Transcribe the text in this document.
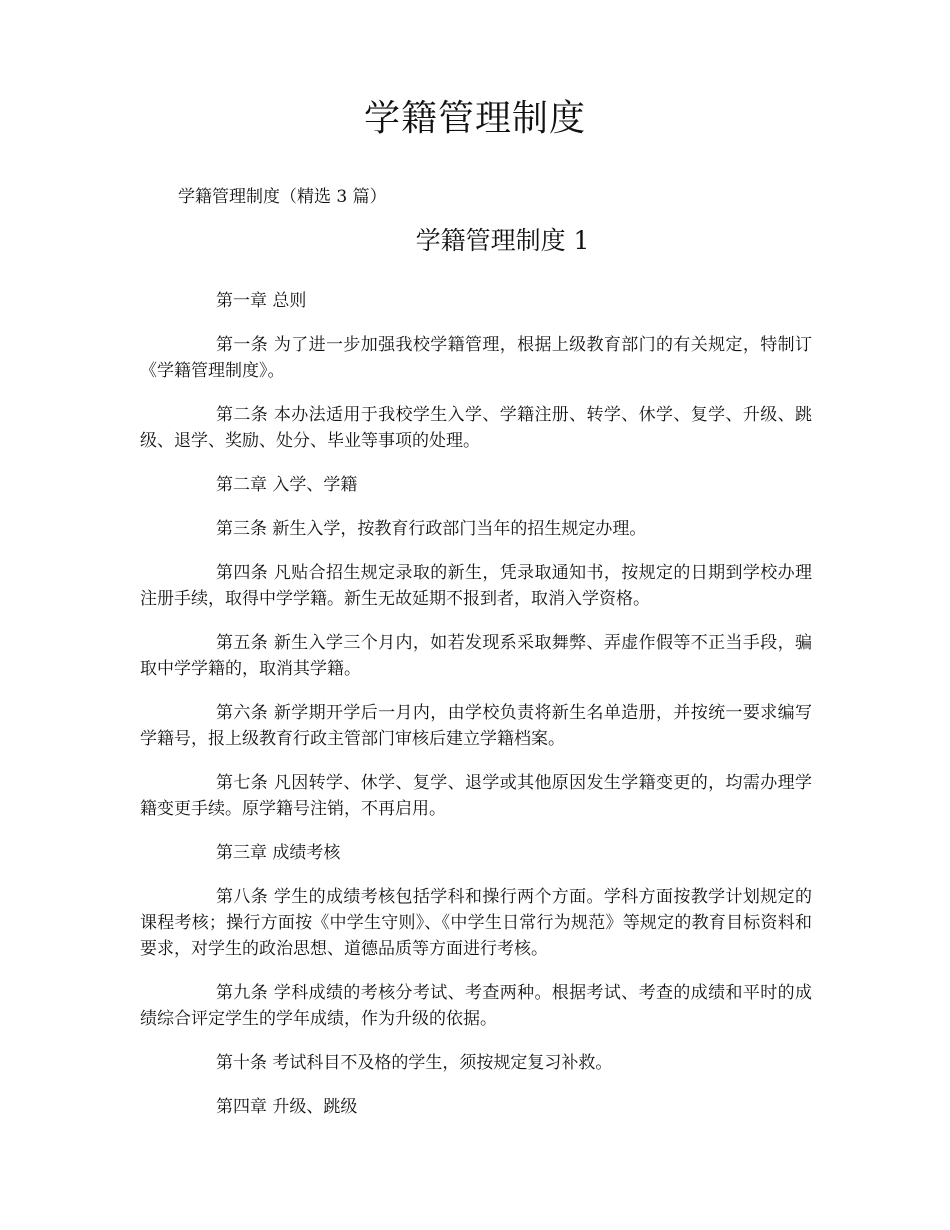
学籍管理制度

学籍管理制度（精选 3 篇）

学籍管理制度 1

第一章 总则

第一条 为了进一步加强我校学籍管理，根据上级教育部门的有关规定，特制订《学籍管理制度》。

第二条 本办法适用于我校学生入学、学籍注册、转学、休学、复学、升级、跳级、退学、奖励、处分、毕业等事项的处理。

第二章 入学、学籍

第三条 新生入学，按教育行政部门当年的招生规定办理。

第四条 凡贴合招生规定录取的新生，凭录取通知书，按规定的日期到学校办理注册手续，取得中学学籍。新生无故延期不报到者，取消入学资格。

第五条 新生入学三个月内，如若发现系采取舞弊、弄虚作假等不正当手段，骗取中学学籍的，取消其学籍。

第六条 新学期开学后一月内，由学校负责将新生名单造册，并按统一要求编写学籍号，报上级教育行政主管部门审核后建立学籍档案。

第七条 凡因转学、休学、复学、退学或其他原因发生学籍变更的，均需办理学籍变更手续。原学籍号注销，不再启用。

第三章 成绩考核

第八条 学生的成绩考核包括学科和操行两个方面。学科方面按教学计划规定的课程考核；操行方面按《中学生守则》、《中学生日常行为规范》等规定的教育目标资料和要求，对学生的政治思想、道德品质等方面进行考核。

第九条 学科成绩的考核分考试、考查两种。根据考试、考查的成绩和平时的成绩综合评定学生的学年成绩，作为升级的依据。

第十条 考试科目不及格的学生，须按规定复习补救。

第四章 升级、跳级
